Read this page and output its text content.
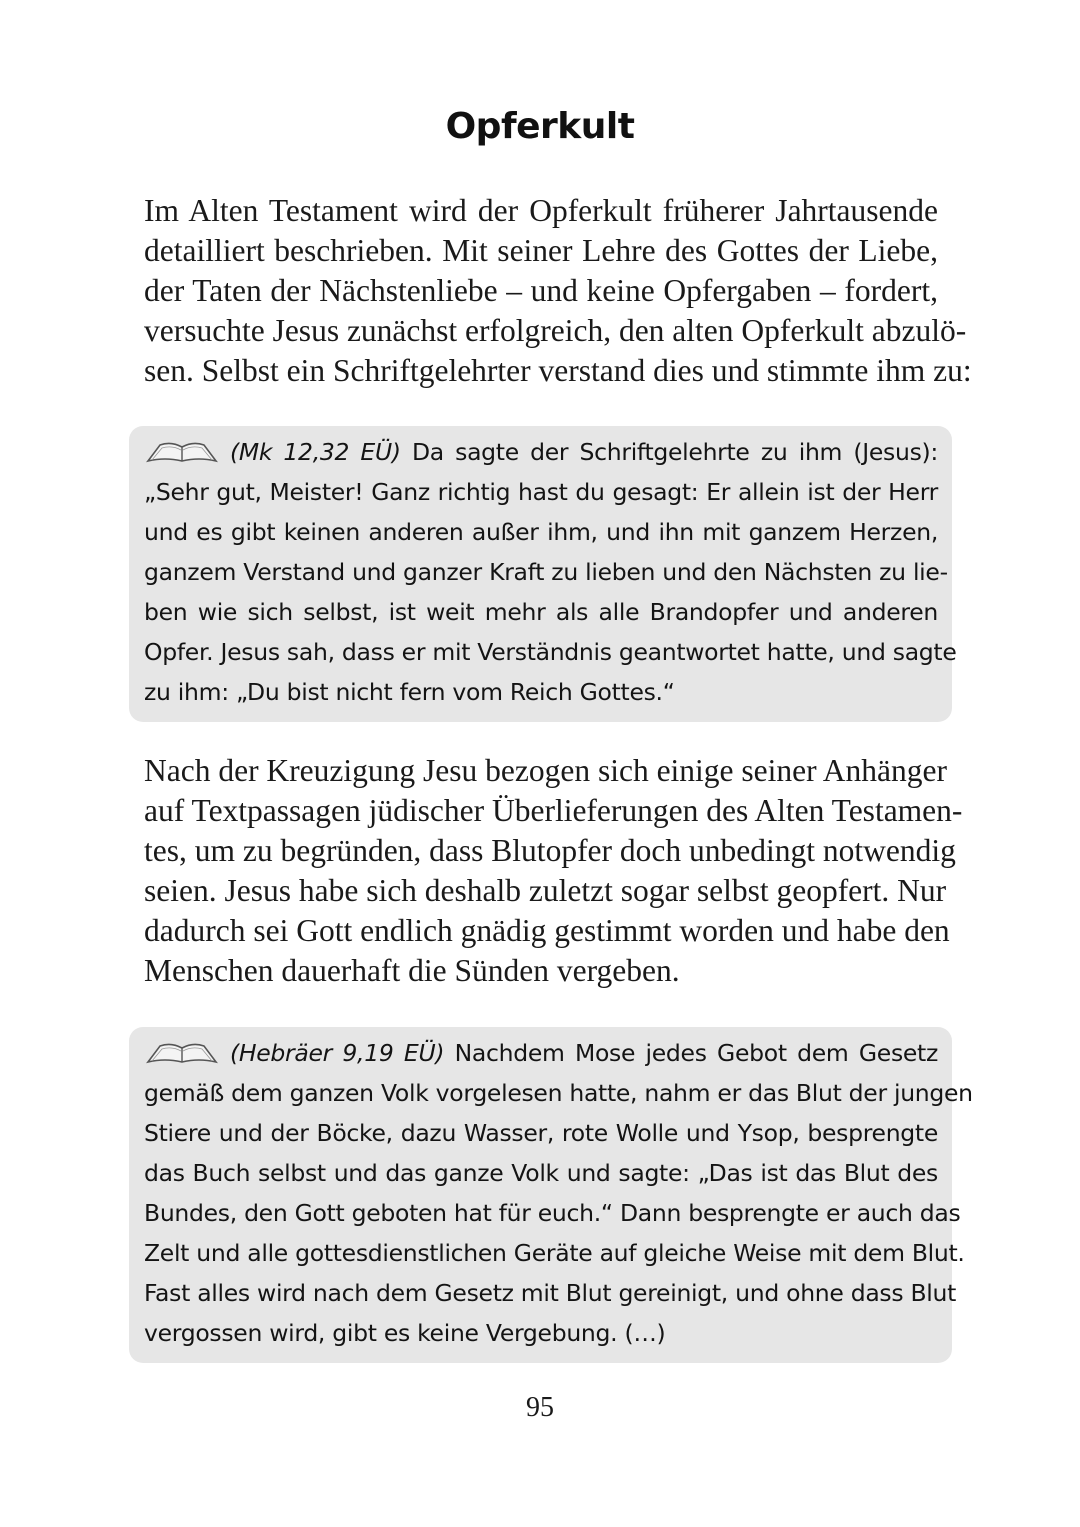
Opferkult
Im Alten Testament wird der Opferkult früherer Jahrtausende
detailliert beschrieben. Mit seiner Lehre des Gottes der Liebe,
der Taten der Nächstenliebe – und keine Opfergaben – fordert,
versuchte Jesus zunächst erfolgreich, den alten Opferkult abzulö-
sen. Selbst ein Schriftgelehrter verstand dies und stimmte ihm zu:
(Mk 12,32 EÜ) Da sagte der Schriftgelehrte zu ihm (Jesus):
„Sehr gut, Meister! Ganz richtig hast du gesagt: Er allein ist der Herr
und es gibt keinen anderen außer ihm, und ihn mit ganzem Herzen,
ganzem Verstand und ganzer Kraft zu lieben und den Nächsten zu lie-
ben wie sich selbst, ist weit mehr als alle Brandopfer und anderen
Opfer. Jesus sah, dass er mit Verständnis geantwortet hatte, und sagte
zu ihm: „Du bist nicht fern vom Reich Gottes.“
Nach der Kreuzigung Jesu bezogen sich einige seiner Anhänger
auf Textpassagen jüdischer Überlieferungen des Alten Testamen-
tes, um zu begründen, dass Blutopfer doch unbedingt notwendig
seien. Jesus habe sich deshalb zuletzt sogar selbst geopfert. Nur
dadurch sei Gott endlich gnädig gestimmt worden und habe den
Menschen dauerhaft die Sünden vergeben.
(Hebräer 9,19 EÜ) Nachdem Mose jedes Gebot dem Gesetz
gemäß dem ganzen Volk vorgelesen hatte, nahm er das Blut der jungen
Stiere und der Böcke, dazu Wasser, rote Wolle und Ysop, besprengte
das Buch selbst und das ganze Volk und sagte: „Das ist das Blut des
Bundes, den Gott geboten hat für euch.“ Dann besprengte er auch das
Zelt und alle gottesdienstlichen Geräte auf gleiche Weise mit dem Blut.
Fast alles wird nach dem Gesetz mit Blut gereinigt, und ohne dass Blut
vergossen wird, gibt es keine Vergebung. (…)
95
